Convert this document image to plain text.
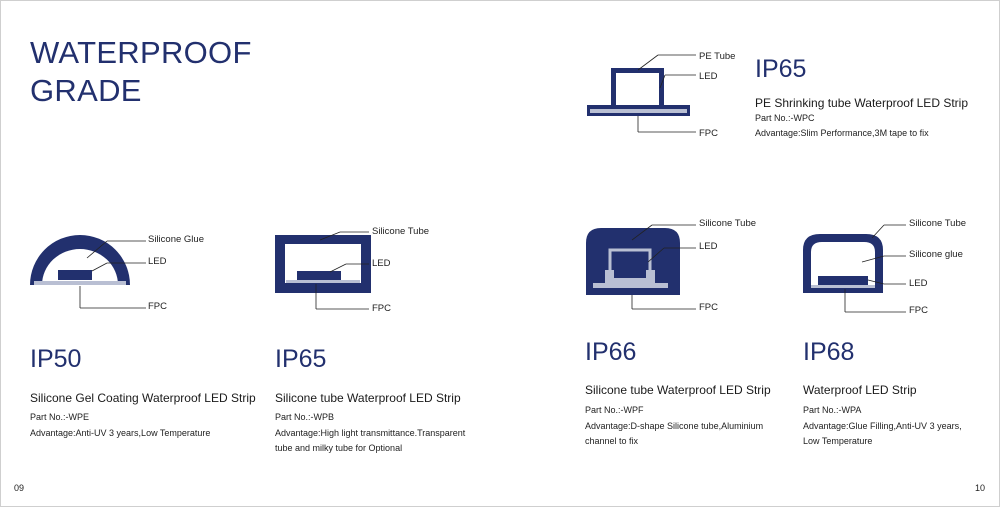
WATERPROOF
GRADE
PE Tube
LED
FPC
Silicone Glue
LED
FPC
Silicone Tube
LED
FPC
Silicone Tube
LED
FPC
Silicone Tube
Silicone glue
LED
FPC
IP65
PE Shrinking tube Waterproof LED Strip
Part No.:-WPC
Advantage:Slim Performance,3M tape to fix
IP50
Silicone Gel Coating Waterproof LED Strip
Part No.:-WPE
Advantage:Anti-UV 3 years,Low Temperature
IP65
Silicone tube Waterproof LED Strip
Part No.:-WPB
Advantage:High light transmittance.Transparent
tube and milky tube for Optional
IP66
Silicone tube Waterproof LED Strip
Part No.:-WPF
Advantage:D-shape Silicone tube,Aluminium
channel to fix
IP68
Waterproof LED Strip
Part No.:-WPA
Advantage:Glue Filling,Anti-UV 3 years,
Low Temperature
09	10
